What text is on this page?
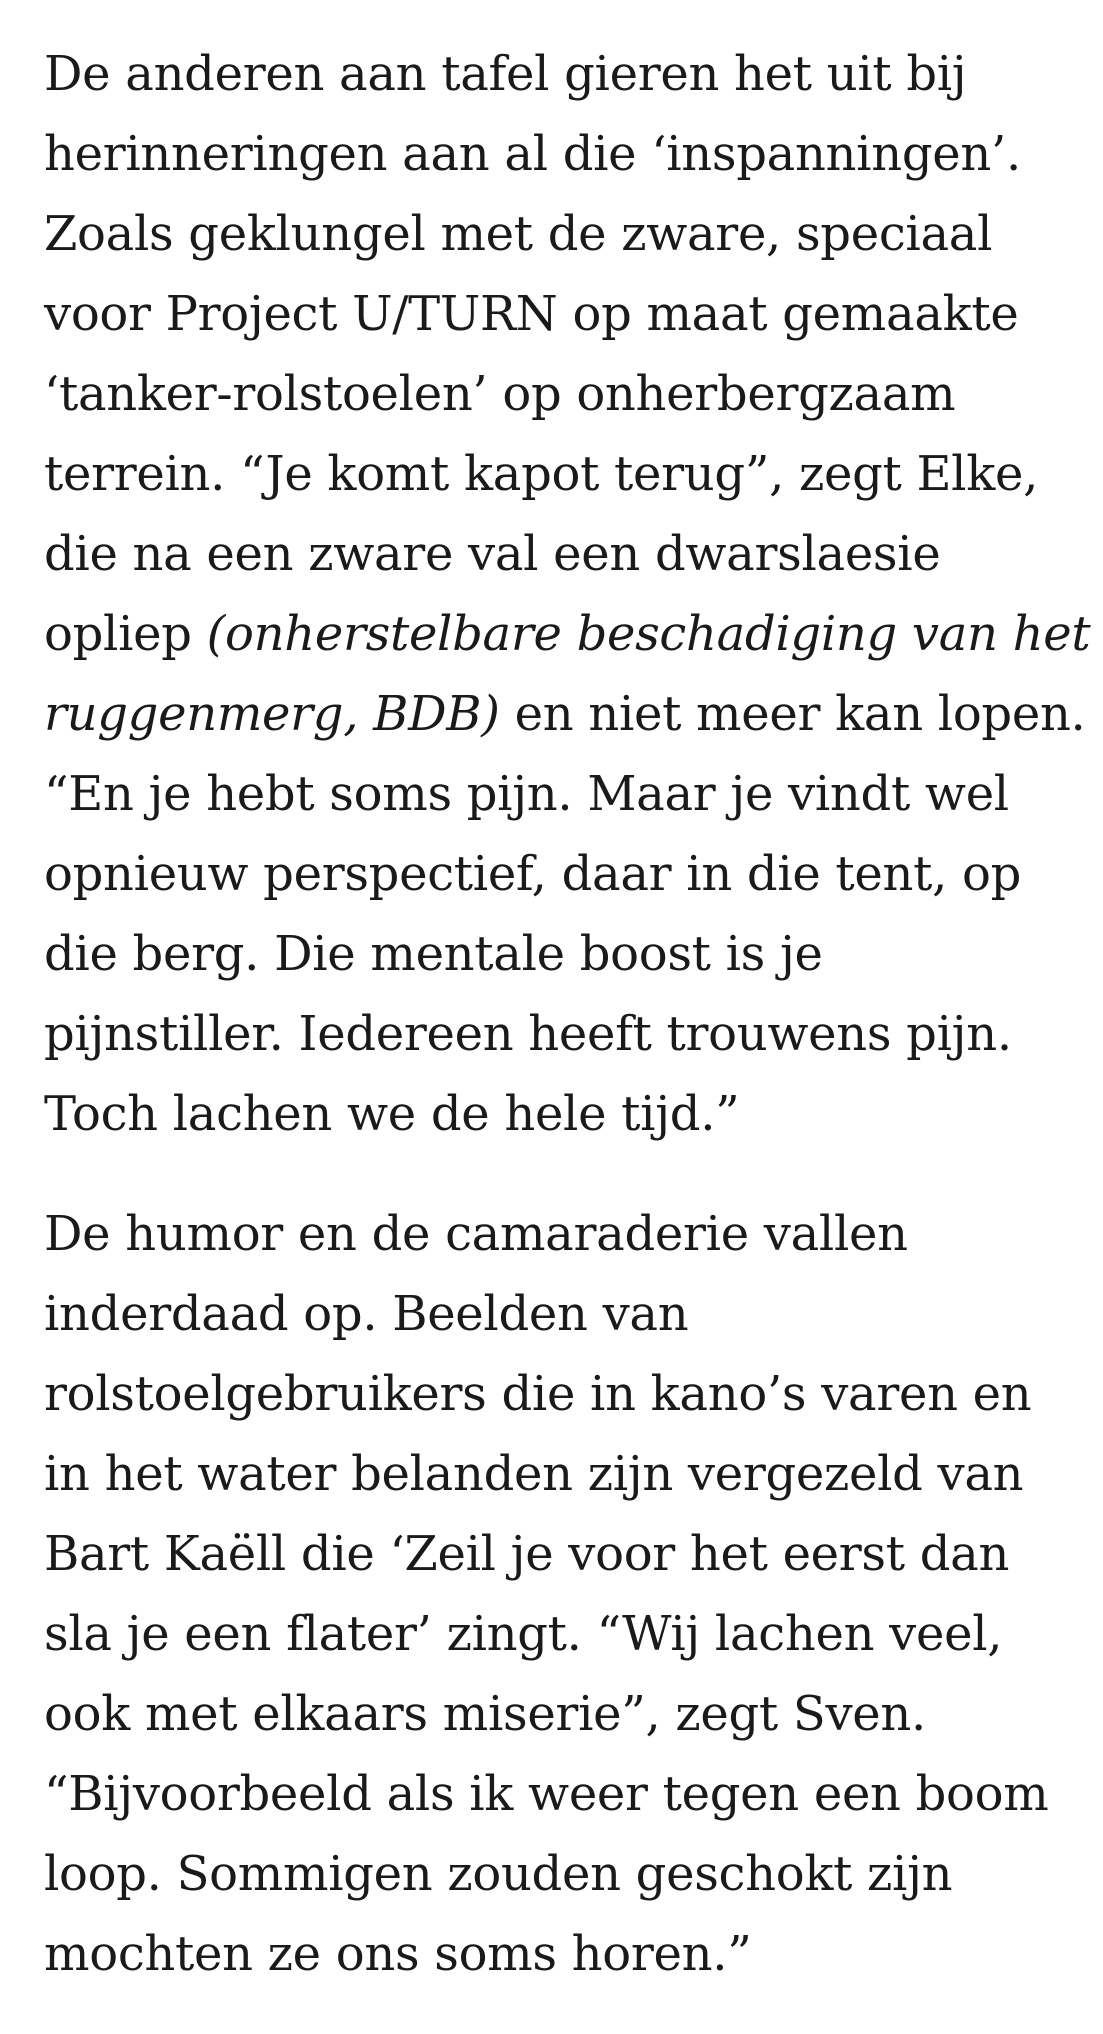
De anderen aan tafel gieren het uit bij
herinneringen aan al die ‘inspanningen’.
Zoals geklungel met de zware, speciaal
voor Project U/TURN op maat gemaakte
‘tanker-rolstoelen’ op onherbergzaam
terrein. “Je komt kapot terug”, zegt Elke,
die na een zware val een dwarslaesie
opliep (onherstelbare beschadiging van het
ruggenmerg, BDB) en niet meer kan lopen.
“En je hebt soms pijn. Maar je vindt wel
opnieuw perspectief, daar in die tent, op
die berg. Die mentale boost is je
pijnstiller. Iedereen heeft trouwens pijn.
Toch lachen we de hele tijd.”

De humor en de camaraderie vallen
inderdaad op. Beelden van
rolstoelgebruikers die in kano’s varen en
in het water belanden zijn vergezeld van
Bart Kaëll die ‘Zeil je voor het eerst dan
sla je een flater’ zingt. “Wij lachen veel,
ook met elkaars miserie”, zegt Sven.
“Bijvoorbeeld als ik weer tegen een boom
loop. Sommigen zouden geschokt zijn
mochten ze ons soms horen.”
